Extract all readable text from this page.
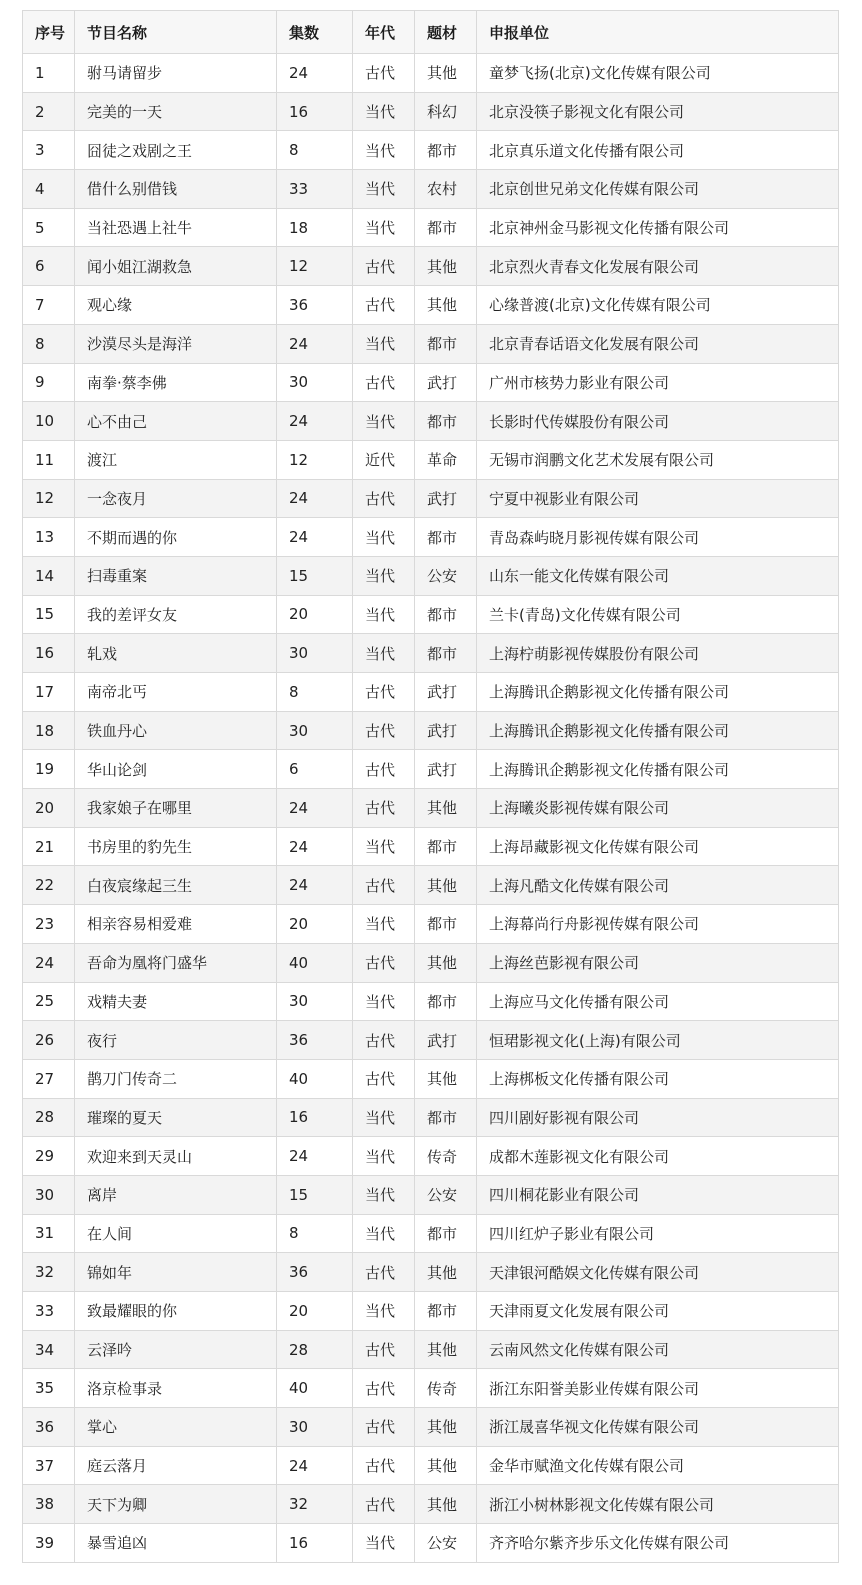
序号	节目名称	集数	年代	题材	申报单位
1	驸马请留步	24	古代	其他	童梦飞扬(北京)文化传媒有限公司
2	完美的一天	16	当代	科幻	北京没筷子影视文化有限公司
3	囧徒之戏剧之王	8	当代	都市	北京真乐道文化传播有限公司
4	借什么别借钱	33	当代	农村	北京创世兄弟文化传媒有限公司
5	当社恐遇上社牛	18	当代	都市	北京神州金马影视文化传播有限公司
6	闻小姐江湖救急	12	古代	其他	北京烈火青春文化发展有限公司
7	观心缘	36	古代	其他	心缘普渡(北京)文化传媒有限公司
8	沙漠尽头是海洋	24	当代	都市	北京青春话语文化发展有限公司
9	南拳·蔡李佛	30	古代	武打	广州市核势力影业有限公司
10	心不由己	24	当代	都市	长影时代传媒股份有限公司
11	渡江	12	近代	革命	无锡市润鹏文化艺术发展有限公司
12	一念夜月	24	古代	武打	宁夏中视影业有限公司
13	不期而遇的你	24	当代	都市	青岛森屿晓月影视传媒有限公司
14	扫毒重案	15	当代	公安	山东一能文化传媒有限公司
15	我的差评女友	20	当代	都市	兰卡(青岛)文化传媒有限公司
16	轧戏	30	当代	都市	上海柠萌影视传媒股份有限公司
17	南帝北丐	8	古代	武打	上海腾讯企鹅影视文化传播有限公司
18	铁血丹心	30	古代	武打	上海腾讯企鹅影视文化传播有限公司
19	华山论剑	6	古代	武打	上海腾讯企鹅影视文化传播有限公司
20	我家娘子在哪里	24	古代	其他	上海曦炎影视传媒有限公司
21	书房里的豹先生	24	当代	都市	上海昂藏影视文化传媒有限公司
22	白夜宸缘起三生	24	古代	其他	上海凡酷文化传媒有限公司
23	相亲容易相爱难	20	当代	都市	上海幕尚行舟影视传媒有限公司
24	吾命为凰将门盛华	40	古代	其他	上海丝芭影视有限公司
25	戏精夫妻	30	当代	都市	上海应马文化传播有限公司
26	夜行	36	古代	武打	恒珺影视文化(上海)有限公司
27	鹊刀门传奇二	40	古代	其他	上海梆板文化传播有限公司
28	璀璨的夏天	16	当代	都市	四川剧好影视有限公司
29	欢迎来到天灵山	24	当代	传奇	成都木莲影视文化有限公司
30	离岸	15	当代	公安	四川桐花影业有限公司
31	在人间	8	当代	都市	四川红炉子影业有限公司
32	锦如年	36	古代	其他	天津银河酷娱文化传媒有限公司
33	致最耀眼的你	20	当代	都市	天津雨夏文化发展有限公司
34	云泽吟	28	古代	其他	云南风然文化传媒有限公司
35	洛京检事录	40	古代	传奇	浙江东阳誉美影业传媒有限公司
36	掌心	30	古代	其他	浙江晟喜华视文化传媒有限公司
37	庭云落月	24	古代	其他	金华市赋渔文化传媒有限公司
38	天下为卿	32	古代	其他	浙江小树林影视文化传媒有限公司
39	暴雪追凶	16	当代	公安	齐齐哈尔紫齐步乐文化传媒有限公司
